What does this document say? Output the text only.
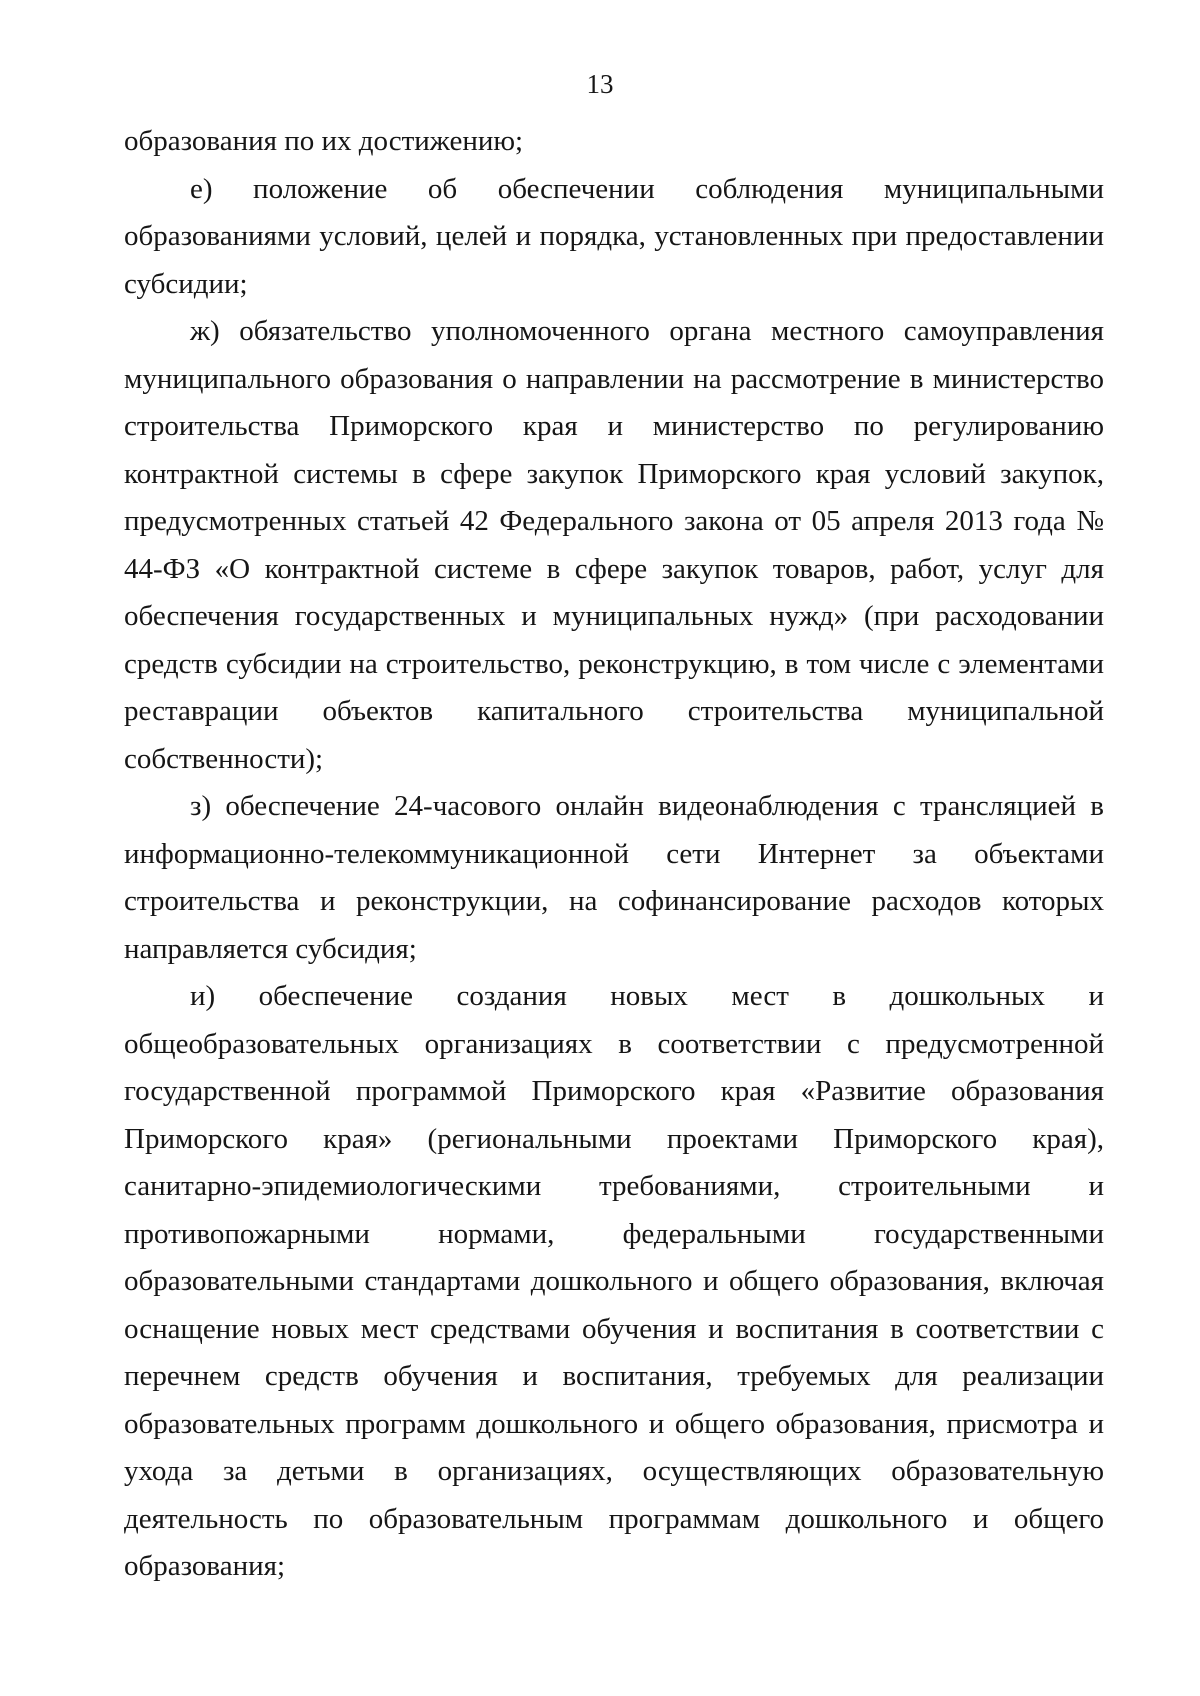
13

образования по их достижению;

е) положение об обеспечении соблюдения муниципальными образованиями условий, целей и порядка, установленных при предоставлении субсидии;

ж) обязательство уполномоченного органа местного самоуправления муниципального образования о направлении на рассмотрение в министерство строительства Приморского края и министерство по регулированию контрактной системы в сфере закупок Приморского края условий закупок, предусмотренных статьей 42 Федерального закона от 05 апреля 2013 года № 44-ФЗ «О контрактной системе в сфере закупок товаров, работ, услуг для обеспечения государственных и муниципальных нужд» (при расходовании средств субсидии на строительство, реконструкцию, в том числе с элементами реставрации объектов капитального строительства муниципальной собственности);

з) обеспечение 24-часового онлайн видеонаблюдения с трансляцией в информационно-телекоммуникационной сети Интернет за объектами строительства и реконструкции, на софинансирование расходов которых направляется субсидия;

и) обеспечение создания новых мест в дошкольных и общеобразовательных организациях в соответствии с предусмотренной государственной программой Приморского края «Развитие образования Приморского края» (региональными проектами Приморского края), санитарно-эпидемиологическими требованиями, строительными и противопожарными нормами, федеральными государственными образовательными стандартами дошкольного и общего образования, включая оснащение новых мест средствами обучения и воспитания в соответствии с перечнем средств обучения и воспитания, требуемых для реализации образовательных программ дошкольного и общего образования, присмотра и ухода за детьми в организациях, осуществляющих образовательную деятельность по образовательным программам дошкольного и общего образования;
